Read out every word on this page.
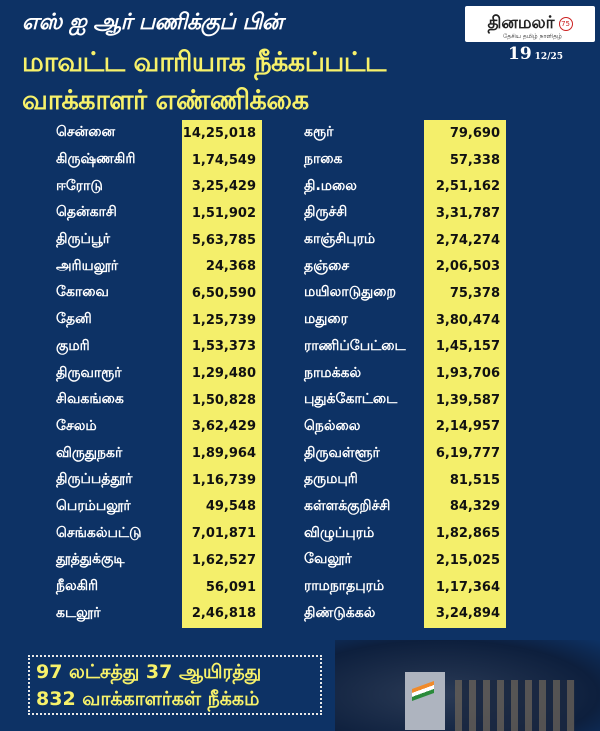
எஸ் ஐ ஆர் பணிக்குப் பின்
மாவட்ட வாரியாக நீக்கப்பட்ட
வாக்காளர் எண்ணிக்கை
தினமலர் 75
தேசிய தமிழ் நாளிதழ்
19 12/25
சென்னை
கிருஷ்ணகிரி
ஈரோடு
தென்காசி
திருப்பூர்
அரியலூர்
கோவை
தேனி
குமரி
திருவாரூர்
சிவகங்கை
சேலம்
விருதுநகர்
திருப்பத்தூர்
பெரம்பலூர்
செங்கல்பட்டு
தூத்துக்குடி
நீலகிரி
கடலூர்
14,25,018
1,74,549
3,25,429
1,51,902
5,63,785
24,368
6,50,590
1,25,739
1,53,373
1,29,480
1,50,828
3,62,429
1,89,964
1,16,739
49,548
7,01,871
1,62,527
56,091
2,46,818
கரூர்
நாகை
தி.மலை
திருச்சி
காஞ்சிபுரம்
தஞ்சை
மயிலாடுதுறை
மதுரை
ராணிப்பேட்டை
நாமக்கல்
புதுக்கோட்டை
நெல்லை
திருவள்ளூர்
தருமபுரி
கள்ளக்குறிச்சி
விழுப்புரம்
வேலூர்
ராமநாதபுரம்
திண்டுக்கல்
79,690
57,338
2,51,162
3,31,787
2,74,274
2,06,503
75,378
3,80,474
1,45,157
1,93,706
1,39,587
2,14,957
6,19,777
81,515
84,329
1,82,865
2,15,025
1,17,364
3,24,894
97 லட்சத்து 37 ஆயிரத்து
832 வாக்காளர்கள் நீக்கம்
